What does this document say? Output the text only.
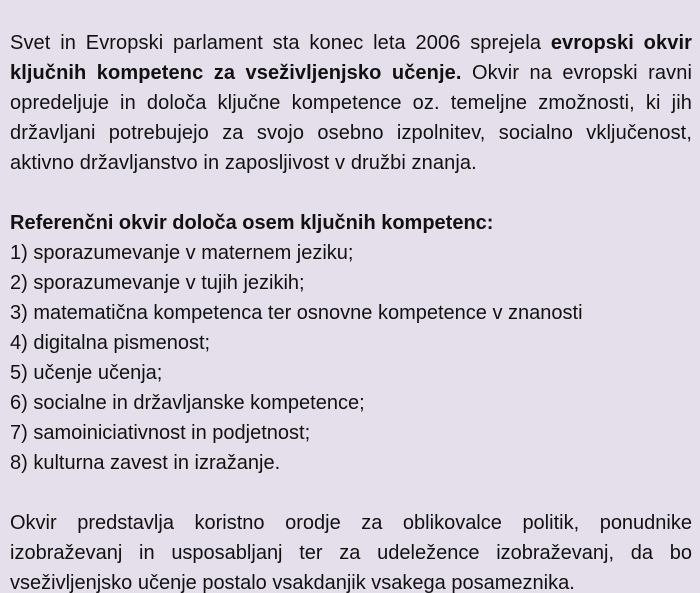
Svet in Evropski parlament sta konec leta 2006 sprejela evropski okvir ključnih kompetenc za vseživljenjsko učenje. Okvir na evropski ravni opredeljuje in določa ključne kompetence oz. temeljne zmožnosti, ki jih državljani potrebujejo za svojo osebno izpolnitev, socialno vključenost, aktivno državljanstvo in zaposljivost v družbi znanja.

Referenčni okvir določa osem ključnih kompetenc:

1) sporazumevanje v maternem jeziku;
2) sporazumevanje v tujih jezikih;
3) matematična kompetenca ter osnovne kompetence v znanosti
4) digitalna pismenost;
5) učenje učenja;
6) socialne in državljanske kompetence;
7) samoiniciativnost in podjetnost;
8) kulturna zavest in izražanje.

Okvir predstavlja koristno orodje za oblikovalce politik, ponudnike izobraževanj in usposabljanj ter za udeležence izobraževanj, da bo vseživljenjsko učenje postalo vsakdanjik vsakega posameznika.
